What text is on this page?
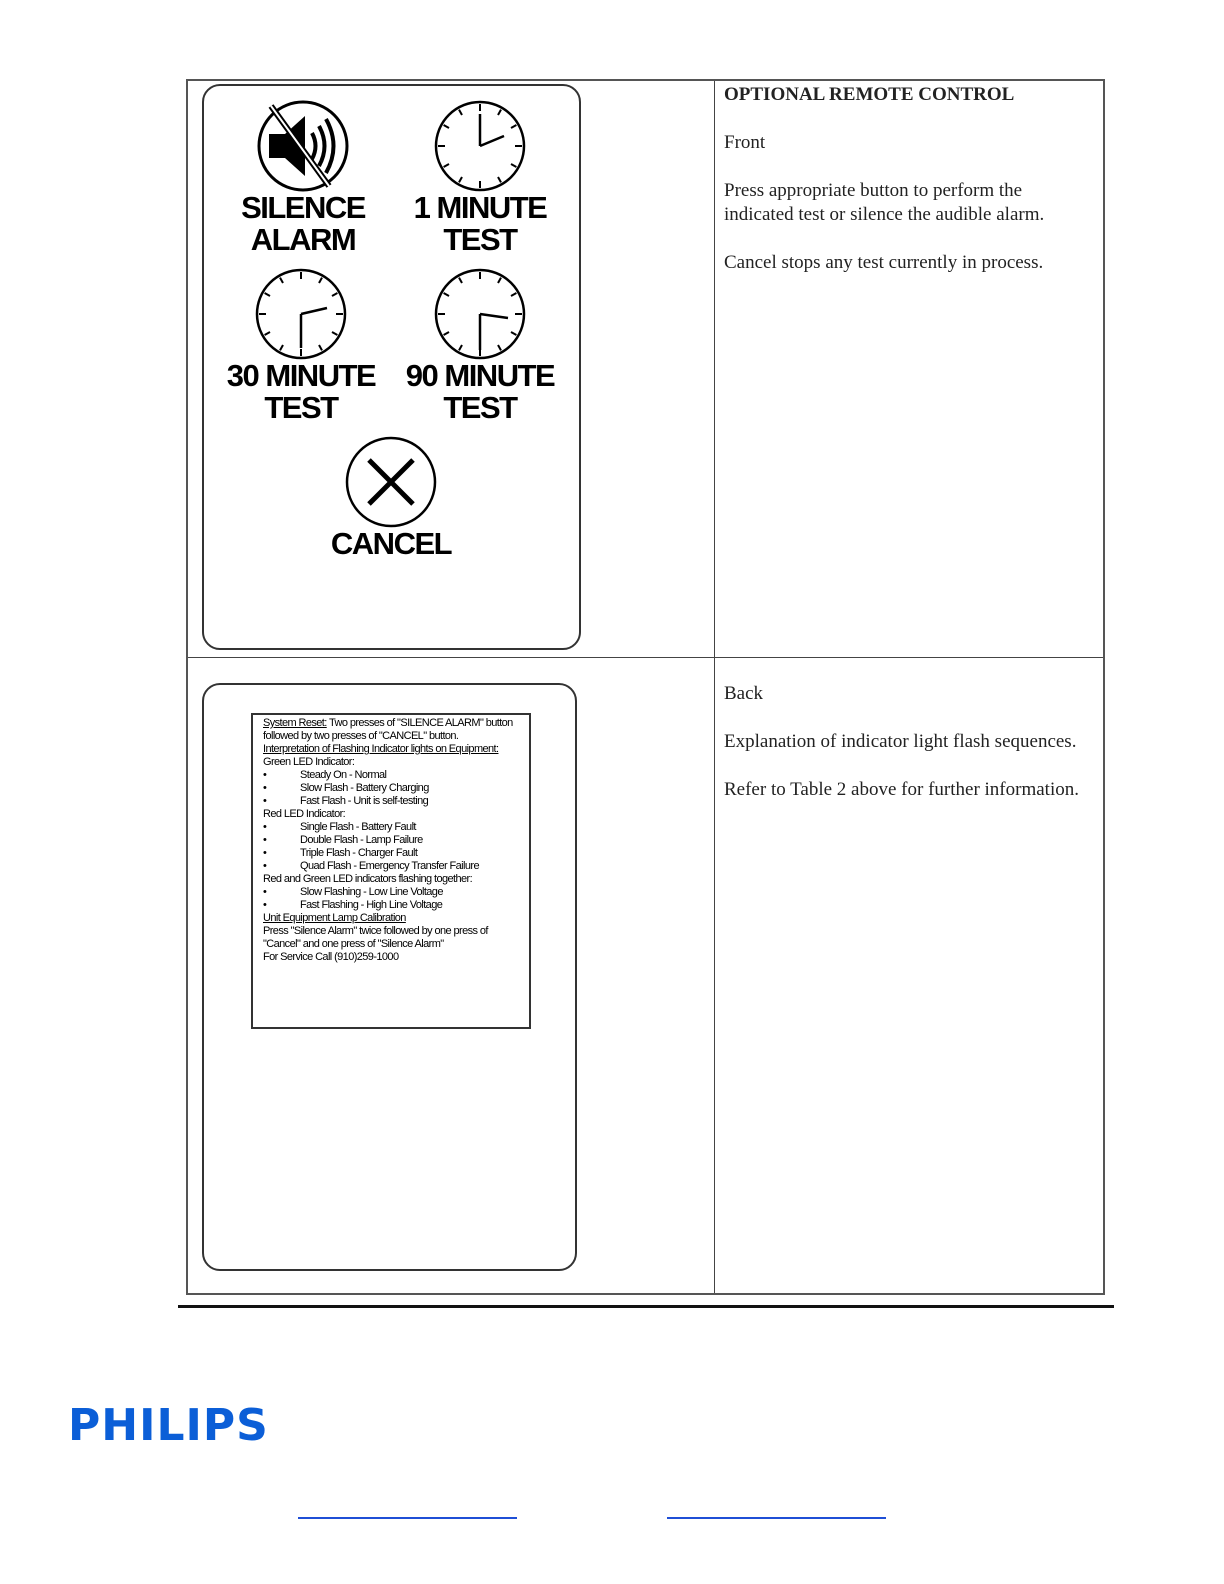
SILENCE
ALARM
1 MINUTE
TEST
30 MINUTE
TEST
90 MINUTE
TEST
CANCEL

OPTIONAL REMOTE CONTROL

Front

Press appropriate button to perform the indicated test or silence the audible alarm.

Cancel stops any test currently in process.

System Reset: Two presses of "SILENCE ALARM" button followed by two presses of "CANCEL" button.
Interpretation of Flashing Indicator lights on Equipment:
Green LED Indicator:
•	Steady On - Normal
•	Slow Flash - Battery Charging
•	Fast Flash - Unit is self-testing
Red LED Indicator:
•	Single Flash - Battery Fault
•	Double Flash - Lamp Failure
•	Triple Flash - Charger Fault
•	Quad Flash - Emergency Transfer Failure
Red and Green LED indicators flashing together:
•	Slow Flashing - Low Line Voltage
•	Fast Flashing - High Line Voltage
Unit Equipment Lamp Calibration
Press "Silence Alarm" twice followed by one press of "Cancel" and one press of "Silence Alarm"
For Service Call (910)259-1000

Back

Explanation of indicator light flash sequences.

Refer to Table 2 above for further information.

PHILIPS
